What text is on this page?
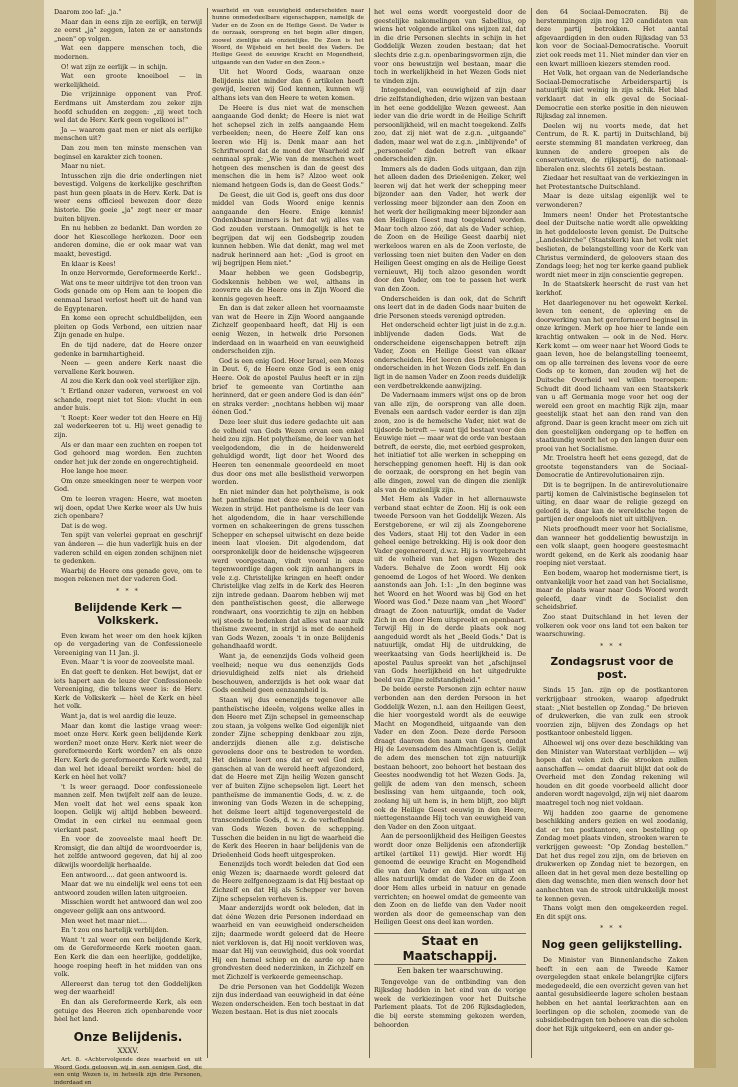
Daarom zoo laf: „ja."

Maar dan in eens zijn ze eerlijk, en terwijl ze eerst „ja" zeggen, laten ze er aanstonds „neen" op volgen.

Wat een dappere menschen toch, die modernen.

O! wat zijn ze eerlijk — in schijn.

Wat een groote knoeiboel — in werkelijkheid.

Die vrijzinnige opponent van Prof. Eerdmans uit Amsterdam zou zeker zijn hoofd schudden en zeggen: „zij weet toch wel dat de Herv. Kerk geen vogelkooi is!"

Ja — waarom gaat men er niet als eerlijke menschen uit?

Dan zou men ten minste menschen van beginsel en karakter zich toonen.

Maar nu niet.

Intusschen zijn die drie onderlingen niet bevestigd. Volgens de kerkelijke geschriften past hun geen plaats in de Herv. Kerk. Dat is weer eens officieel bewezen door deze historie. Die goeie „ja" zegt neer er maar buiten blijven.

En nu hebben ze bedankt. Dan worden ze door het Kiescollege herkozen. Door een anderen domine, die er ook maar wat van maakt, bevestigd.

En klaar is Kees!

In onze Hervormde, Gereformeerde Kerk!..

Wat ons te meer uitdrijve tot den troon van Gods genade om op Hem aan te loopen die eenmaal Israel verlost heeft uit de hand van de Egyptenaren.

En kome een oprecht schuldbelijden, een pleiten op Gods Verbond, een uitzien naar Zijn genade en hulpe.

En de tijd nadere, dat de Heere onzer gedenke in barmhartigheid.

Neen — geen andere Kerk naast die vervallene Kerk bouwen.

Al zou die Kerk dan ook veel sterlijker zijn.

't Ertland onzer vaderen, verwoest en vol schande, roept niet tot Sion: vlucht in een ander huis.

't Roept: Keer weder tot den Heere en Hij zal wederkeeren tot u. Hij weet genadig te zijn.

Als er dan maar een zuchten en roepen tot God gehoord mag worden. Een zuchten onder het juk der zonde en ongerechtigheid.

Hoe lange hoe meer.

Om onze smeekingen neer te werpen voor God.

Om te leeren vragen: Heere, wat moeten wij doen, opdat Uwe Kerke weer als Uw huis zich openbare?

Dat is de weg.

Ten spijt van velerlei gepraat en geschrijf van ânderen — die hun vaderlijk huis en der vaderen schild en eigen zonden schijnen niet te gedenken.

Waarbij de Heere ons genade geve, om te mogen rekenen met der vaderen God.

* * *

Belijdende Kerk — Volkskerk.

Even kwam het weer om den hoek kijken op de vergadering van de Confessioneele Vereeniging van 11 Jan. jl.

Even. Maar 't is voor de zooveelste maal.

En dat geeft te denken. Het bewijst, dat er iets hapert aan de leuze der Confessioneele Vereeniging, die telkens weer is: de Herv. Kerk de Volkskerk — hèel de Kerk en hèel het volk.

Want ja, dat is wel aardig die leuze.

Maar dan komt die lastige vraag weer: moet onze Herv. Kerk geen belijdende Kerk worden? moet onze Herv. Kerk niet weer de gereformeerde Kerk worden? en als onze Herv. Kerk de gereformeerde Kerk wordt, zal dan wel het ideaal bereikt worden: hèel de Kerk en hèel het volk?

't Is weer geraagd. Door confessioneele mannen zelf. Men twijfelt zelf aan de leuze. Men voelt dat het wel eens spaak kon loopen. Gelijk wij altijd hebben beweerd. Omdat in een cirkel nu eenmaal geen vierkant past.

En voor de zooveelste maal heeft Dr. Kromsigt, die dan altijd de woordvoerder is, het zelfde antwoord gegeven, dat hij al zoo dikwijls woordelijk herhaalde.

Een antwoord.... dat geen antwoord is.

Maar dat we nu eindelijk wel eens tot een antwoord zouden willen laten uitgroeien.

Misschien wordt het antwoord dan wel zoo ongeveer gelijk aan ons antwoord.

Men weet het maar niet....

En 't zou ons hartelijk verblijden.

Want 't zal weer om een belijdende Kerk, om de Gereformeerde Kerk moeten gaan. Een Kerk die dan een heerlijke, goddelijke, hooge roeping heeft in het midden van ons volk.

Allereerst dan terug tot den Goddelijken weg der waarheid!

En dan als Gereformeerde Kerk, als een getuige des Heeren zich openbarende voor hèel het land.

Onze Belijdenis.

XXXV.

Art. 8. «Achtervolgende deze waarheid en uit Woord Gods gelooven wij in een eenigen God, die een enig Wezen is, in hetwelk zijn drie Personen, inderdaad en

waarheid en van eeuwigheid onderscheiden naar hunne onmededeelbare eigenschappen, namelijk de Vader en de Zoon en de Heilige Geest. De Vader is de oorzaak, oorsprong en het begin aller dingen, zoowel zienlijke als onzienlijke. De Zoon is het Woord, de Wijsheid en het beeld des Vaders. De Heilige Geest de eeuwige Kracht en Mogendheid, uitgaande van den Vader en den Zoon.»

Uit het Woord Gods, waaraan onze Belijdenis niet minder dan 6 artikelen heeft gewijd, leeren wij God kennen, kunnen wij althans iets van den Heere te weten komen.

De Heere is dus niet wat de menschen aangaande God denkt; de Heere is niet wat het schepsel zich in zelfs aangaande Hem verbeelden; neen, de Heere Zelf kan ons leeren wie Hij is. Denk maar aan het Schriftwoord dat de mond der Waarheid zelf eenmaal sprak: „Wie van de menschen weet hetgeen des menschen is dan de geest des menschen die in hem is? Alzoo weet ook niemand hetgeen Gods is, dan de Geest Gods."

De Geest, die uit God is, geeft ons dus door middel van Gods Woord enige kennis aangaande den Heere. Enige kennis! Ondenkbaar immers is het dat wij alles van God zouden verstaan. Onmogelijk is het te begrijpen dat wij een Godsbegrip zouden kunnen hebben. Wie dat denkt, mag wel met nadruk herinnerd aan het: „God is groot en wij begrijpen Hem niet."

Maar hebben we geen Godsbegrip, Godskennis hebben we wel, althans in zooverre als de Heere ons in Zijn Woord die kennis gegeven heeft.

En dan is dat zeker alleen het voornaamste van wat de Heere in Zijn Woord aangaande Zichzelf geopenbaard heeft, dat Hij is een eenig Wezen, in hetwelk drie Personen inderdaad en in waarheid en van eeuwigheid onderscheiden zijn.

God is een enig God. Hoor Israel, een Mozes in Deut. 6, de Heere onze God is een enig Heere. Ook de apostel Paulus heeft er in zijn brief te gemeente van Cortinthe aan herinnerd, dat er geen andere God is dan één" en straks verder: „nochtans hebben wij maar éénen God."

Deze leer sluit dus iedere gedachte uit aan de volheid van Gods Wezen ervan een enkel heid zou zijn. Het polytheïsme, de leer van het veelgodendom, die in de heidenwereld gehuldigd wordt, ligt door het Woord des Heeren ten eenenmale geoordeeld en moet dus door ons met alle beslistheid verworpen worden.

En niet minder dan het polytheïsme, is ook het pantheïsme met deze eenheid van Gods Wezen in strijd. Het pantheïsme is de leer van het algodendom, die in haar verschillende vormen en schakeeringen de grens tusschen Schepper en schepsel uitwischt en deze beide ineen laat vloeien. Dit algodendom, dat oorspronkelijk door de heidensche wijsgeeren werd voorgestaan, vindt vooral in onze tegenwoordige dagen ook zijn aanhangers in vele z.g. Christelijke kringen en heeft onder Christelijke vlag zelfs in de Kerk des Heeren zijn intrede gedaan. Daarom hebben wij met den pantheïstischen geest, die allerwege rondwaart, ons voorzichtig te zijn en hebben wij steeds te bedenken dat alles wat naar zulk theïsme zweemt, in strijd is met de eenheid van Gods Wezen, zooals 't in onze Belijdenis gehandhaafd wordt.

Want ja, de eenenzijds Gods volheid geen veelheid; neque wu dus eenenzijds Gods drievuldigheid zelfs niet als drieheid beschouwen, anderzijds is het ook waar dat Gods eenheid geen eenzaamheid is.

Staan wij dus eenenzijds tegenover alle pantheïstische ideeën, volgens welke alles in den Heere met Zijn schepsel in gemeenschap zou staan, ja volgens welke God eigenlijk niet zonder Zijne schepping denkbaar zou zijn, anderzijds dienen alle z.g. deïstische gevoelens door ons te bestreden te worden. Het deïsme leert ons dat er wel God zich ganschen al van de wereld heeft afgezonderd, dat de Heere met Zijn heilig Wezen ganscht ver af buiten Zijne schepselen ligt. Leert het pantheïsme de immanentie Gods, d. w. z. de inwoning van Gods Wezen in de schepping, het deïsme leert altijd tegenovergesteld de transcendentie Gods, d. w. z. de verheffenheid van Gods Wezen boven de schepping. Tusschen die beiden in nu ligt de waarheid die de Kerk des Heeren in haar belijdenis van de Drieëenheid Gods heeft uitgesproken.

Eenenzijds toch wordt beleden dat God een enig Wezen is; daarnaede wordt geleerd dat de Heere zelfgenoegzaam is dat Hij bestaat op Zichzelf en dat Hij als Schepper ver boven Zijne schepselen verheven is.

Maar anderzijds wordt ook beleden, dat in dat ééne Wezen drie Personen inderdaad en waarheid en van eeuwigheid onderscheiden zijn; daarmede wordt geleerd dat de Heere niet verkloven is, dat Hij nooit verkloven was, maar dat Hij van eeuwigheid, dus ook voordat Hij een hemel schiep en de aarde op hare grondvesten deed nederzinken, in Zichzelf en met Zichzelf is verkeerde gemeenschap.

De drie Personen van het Goddelijk Wezen zijn dus inderdaad van eeuwigheid in dat ééne Wezen onderscheiden. Een toch bestaat in dat Wezen bestaan. Het is dus niet zoocals

het wel eens wordt voorgesteld door de geestelijke nakomelingen van Sabellius, op wiens het volgende artikel ons wijzen zal, dat in die drie Personen slechts in schijn in het Goddelijk Wezen zouden bestaan; dat het slechts drie z.g.n. openbaringsvormen zijn, die voor ons bewustzijn wel bestaan, maar die toch in werkelijkheid in het Wezen Gods niet te vinden zijn.

Integendeel, van eeuwigheid af zijn daar drie zelfstandigheden, drie wijzen van bestaan in het eene goddelijke Wezen geweest. Aan ieder van die drie wordt in de Heilige Schrift persoonlijkheid, wil en macht toegekend. Zelfs zoo, dat zij niet wat de z.g.n. „uitgaande" daden, maar wel wat de z.g.n. „inblijvende" of „personeele" daden betreft van elkaar onderscheiden zijn.

Immers als de daden Gods uitgaan, dan zijn het alleen daden des Drieëenigen. Zeker, wel leeren wij dat het werk der schepping meer bijzonder aan den Vader, het werk der verlossing meer bijzonder aan den Zoon en het werk der heiligmaking meer bijzonder aan den Heiligen Geest mag toegekend worden. Maar toch alzoo zóó, dat als de Vader schiep, de Zoon en de Heilige Geest daarbij niet werkeloos waren en als de Zoon verloste, de verlossing toen niet buiten den Vader en den Heiligen Geest omging en als de Heilige Geest vernieuwt, Hij toch alzoo gesonden wordt door den Vader, om toe te passen het werk van den Zoon.

Onderscheiden is dan ook, dat de Schrift ons leert dat in de daden Gods naar buiten de drie Personen steeds verenigd optreden.

Het onderscheid echter ligt juist in de z.g.n. inblijvende daden Gods. Wat de onderscheidene eigenschappen betreft zijn Vader, Zoon en Heilige Geest van elkaar onderscheiden. Het leeren des Drieëenigen is onderscheiden in het Wezen Gods zelf. En dan ligt in de namen Vader en Zoon reeds duidelijk een verdbetrekkende aanwijzing.

De Vadernaam immers wijst ons op de bron van alle zijn, de oorsprong van alle doen. Evenals een aardsch vader eerder is dan zijn zoon, zoo is de hemelsche Vader, niet wat de tijdsorde betreft — want tijd bestaat voor den Eeuwige niet — maar wat de orde van bestaan betreft, de eerste, die, met eerbied gesproken, het initiatief tot alle werken in schepping en herschepping genomen heeft. Hij is dan ook de oorzaak, de oorsprong en het begin van alle dingen, zowel van de dingen die zienlijk als van de onzienlijk zijn.

Met Hem als Vader in het allernauwste verband staat echter de Zoon. Hij is ook een tweede Persoon van het Goddelijk Wezen. Als Eerstgeborene, er wil zij als Zoongeborene des Vaders, staat Hij tot den Vader in een geheel eenige betrekking. Hij is ook door den Vader gegenereerd, d.w.z. Hij is voortgebracht uit de volheid van het eigen Wezen des Vaders. Behalve de Zoon wordt Hij ook genoemd de Logos of het Woord. We denken aanstonds aan Joh. 1:1: „In den beginne was het Woord en het Woord was bij God en het Woord was God." Deze naam van „het Woord" draagt de Zoon natuurlijk, omdat de Vader Zich in en door Hem uitspreekt en openbaart. Terwijl Hij in de derde plaats ook nog aangeduid wordt als het „Beeld Gods." Dat is natuurlijk, omdat Hij de uitdrukking, de weerkaatsing van Gods heerlijkheid is. De apostel Paulus spreekt van het „afschijnsel van Gods heerlijkheid en het uitgedrukte beeld van Zijne zelfstandigheid."

De beide eerste Personen zijn echter nauw verbonden aan den derden Persoon in het Goddelijk Wezen, n.l. aan den Heiligen Geest, die hier voorgesteld wordt als de eeuwige Macht en Mogendheid, uitgaande van den Vader en den Zoon. Deze derde Persoon draagt daarom den naam van Geest, omdat Hij de Levensadem des Almachtigen is. Gelijk de adem des menschen tot zijn natuurlijk bestaan behoort, zoo behoort het bestaan des Geestes noodwendig tot het Wezen Gods. Ja, gelijk de adem van den mensch, scheen beslissing van hem uitgaande, toch ook, zoolang hij uit hem is, in hem blijft, zoo blijft ook de Heilige Geest eeuwig in den Heere, niettegenstaande Hij toch van eeuwigheid van den Vader en den Zoon uitgaat.

Aan de persoonlijkheid des Heiligen Geestes wordt door onze Belijdenis een afzonderlijk artikel (artikel 11) gewijd. Hier wordt Hij genoemd de eeuwige Kracht en Mogendheid die van den Vader en den Zoon uitgaat en alles natuurlijk omdat de Vader en de Zoon door Hem alles urbeid in natuur en genade verrichten; en hoewel omdat de gemeente van den Zoon en de liefde van den Vader nooit worden als door de gemeenschap van den Heiligen Geest ons deel kan worden.

Staat en Maatschappij.

Een baken ter waarschuwing.

Tengevolge van de ontbinding van den Rijksdag hadden in het eind van de vorige week de verkiezingen voor het Duitsche Parlement plaats. Tot de 206 Rijksdagleden, die bij eerste stemming gekozen werden, behoorden

den 64 Sociaal-Democraten. Bij de herstemmingen zijn nog 120 candidaten van deze partij betrokken. Het aantal afgevaardigden in den ouden Rijksdag van 53 kon voor de Sociaal-Democratische. Vooruit ziet ook reeds met 11. Niet minder dan vier en een kwart millioen kiezers stemden rood.

Het Volk, het orgaan van de Nederlandsche Sociaal-Democratische Arbeiderspartij is natuurlijk niet weinig in zijn schik. Het blad verklaart dat in elk geval de Sociaal-Democratie een sterke positie in den nieuwen Rijksdag zal innemen.

Deelen wij nu voorts mede, dat het Centrum, de R. K. partij in Duitschland, bij eerste stemming 81 mandaten verkreeg, dan kunnen de andere groepen als de conservatieven, de rijkspartij, de nationaal-liberalen enz. slechts 61 zetels bestaan.

Ziedaar het resultaat van de verkiezingen in het Protestantsche Duitschland.

Maar is deze uitslag eigenlijk wel te verwonderen?

Immers neen! Onder het Protestantsche deel der Duitsche natie wordt alle opwekking in het goddelooste leven gemist. De Duitsche „Landeskirche" (Staatskerk) kan het volk niet beslieten, de belangstelling voor de Kerk van Christus verminderd, de geloovers staan des Zondags leeg; het nog ter kerke gaand publiek wordt niet meer in zijn conscientie gegrepen.

In de Staatskerk heerscht de rust van het kerkhof.

Het daarlegenover nu het ogewekt Kerkel. leven ten eenent, de opleving en de doorwerking van het gereformeerd beginsel in onze kringen. Merk op hoe hier te lande een krachtig ontwaken — ook in de Ned. Herv. Kerk komt — om weer naar het Woord Gods te gaan leven, hoe de belangstelling toeneemt, om op alle terreinen des levens voor de eere Gods op te komen, dan zouden wij het de Duitsche Overheid wel willen toeroepen: Schudt dit dood lichaam van een Staatskerk van u af! Germania moge voor het oog der wereld een groot en machtig Rijk zijn, maar geestelijk staat het aan den rand van den afgrond. Daar is geen kracht meer om zich uit den geestelijken ondergang op te heffen en staatkundig wordt het op den langen duur een prooi van het Socialisme.

Mr. Troelstra heeft het eens gezegd, dat de grootste tegenstanders van de Sociaal-Democratie de Antirevolutionairen zijn.

Dit is te begrijpen. In de antirevolutionaire partij komen de Calvinistische beginselen tot uiting, en daar waar de religie gezegd en geloofd is, daar kan de wereldsche tegen de partijen der ongeloofs niet uit uitblijven.

Niets proefhoudt meer voor het Socialisme, dan wanneer het goddelientig bewustzijn in een volk slaapt, geen hoogere geestesmacht wordt gekend, en de Kerk als zoodanig haar roeping niet verstaat.

Een bodem, waarop het modernisme tiert, is ontvankelijk voor het zaad van het Socialisme, maar de plaats waar naar Gods Woord wordt geleefd, daar vindt de Socialist den scheidsbrief.

Zoo staat Duitschland in het leven der volkeren ook voor ons land tot een baken ter waarschuwing.

* * *

Zondagsrust voor de post.

Sinds 15 Jan. zijn op de postkantoren verkrijgbaar strooken, waarop afgedrukt staat: „Niet bestellen op Zondag." De brieven of drukwerken, die van zulk een strook voorzien zijn, blijven des Zondags op het postkantoor onbesteld liggen.

Alhoewel wij ons over deze beschikking van den Minister van Waterstaat verblijden — wij hopen dat velen zich die strooken zullen aanschaffen — omdat daaruit blijkt dat ook de Overheid met den Zondag rekening wil houden en dit goede voorbeeld allicht door anderen wordt nagevolgd, zijn wij niet daarom maatregel toch nog niet voldaan.

Wij hadden zoo gaarne de genomene beschikking anders gezien en wel zoodanig, dat er ten postkantore, een bestelling op Zondag moet plaats vinden, strooken waren te verkrijgen geweest: "Op Zondag bestellen." Dat het dus regel zou zijn, om de brieven en drukwerken op Zondag niet te bezorgen, en alleen dat in het geval men deze bestelling op dien dag wenschte, men dien wensch door het aanhechten van de strook uitdrukkelijk moest te kennen geven.

Thans volgt men den omgekeerden regel. En dit spijt ons.

* * *

Nog geen gelijkstelling.

De Minister van Binnenlandsche Zaken heeft in een aan de Tweede Kamer overgelegden staat enkele belangrijke cijfers medegedeeld, die een overzicht geven van het aantal gesubsidieerde lagere scholen bestaan hebben en het aantal leerkrachten aan en leerlingen op die scholen, zoomede van de subsidiebedragen ten behoeve van die scholen door het Rijk uitgekeerd, een en ander ge-
